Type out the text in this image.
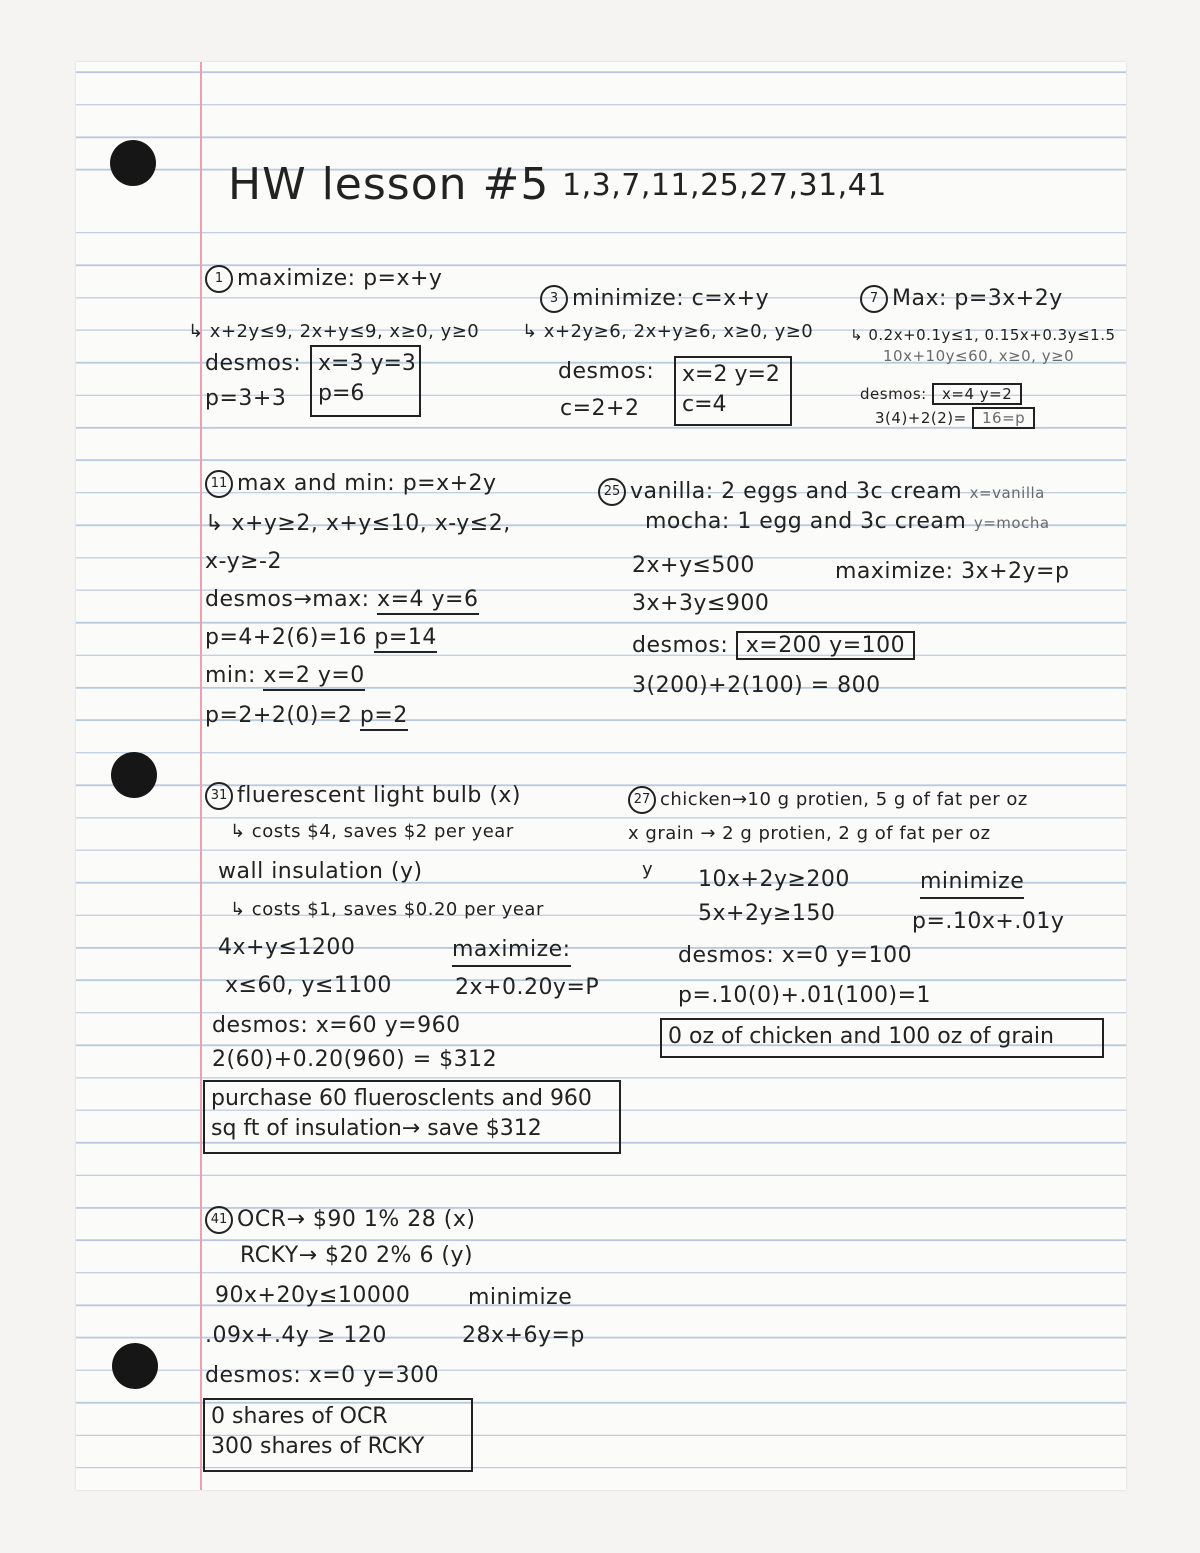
HW lesson #5 1,3,7,11,25,27,31,41
1 maximize: p=x+y
↳ x+2y≤9, 2x+y≤9, x≥0, y≥0
desmos: x=3 y=3
p=6
p=3+3
3 minimize: c=x+y
↳ x+2y≥6, 2x+y≥6, x≥0, y≥0
desmos: x=2 y=2
c=4
c=2+2
7 Max: p=3x+2y
↳ 0.2x+0.1y≤1, 0.15x+0.3y≤1.5
10x+10y≤60, x≥0, y≥0
desmos: x=4 y=2
3(4)+2(2)= 16=p
11 max and min: p=x+2y
↳ x+y≥2, x+y≤10, x-y≤2,
x-y≥-2
desmos→max: x=4 y=6
p=4+2(6)=16 p=14
min: x=2 y=0
p=2+2(0)=2 p=2
25 vanilla: 2 eggs and 3c cream x=vanilla
mocha: 1 egg and 3c cream y=mocha
2x+y≤500	maximize: 3x+2y=p
3x+3y≤900
desmos: x=200 y=100
3(200)+2(100) = 800
31 fluerescent light bulb (x)
↳ costs $4, saves $2 per year
wall insulation (y)
↳ costs $1, saves $0.20 per year
4x+y≤1200	maximize:
x≤60, y≤1100	2x+0.20y=P
desmos: x=60 y=960
2(60)+0.20(960) = $312
purchase 60 fluerosclents and 960
sq ft of insulation→ save $312
27 chicken→10 g protien, 5 g of fat per oz
x grain → 2 g protien, 2 g of fat per oz
y 10x+2y≥200	minimize
5x+2y≥150	p=.10x+.01y
desmos: x=0 y=100
p=.10(0)+.01(100)=1
0 oz of chicken and 100 oz of grain
41 OCR→ $90 1% 28 (x)
RCKY→ $20 2% 6 (y)
90x+20y≤10000	minimize
.09x+.4y ≥ 120	28x+6y=p
desmos: x=0 y=300
0 shares of OCR
300 shares of RCKY
